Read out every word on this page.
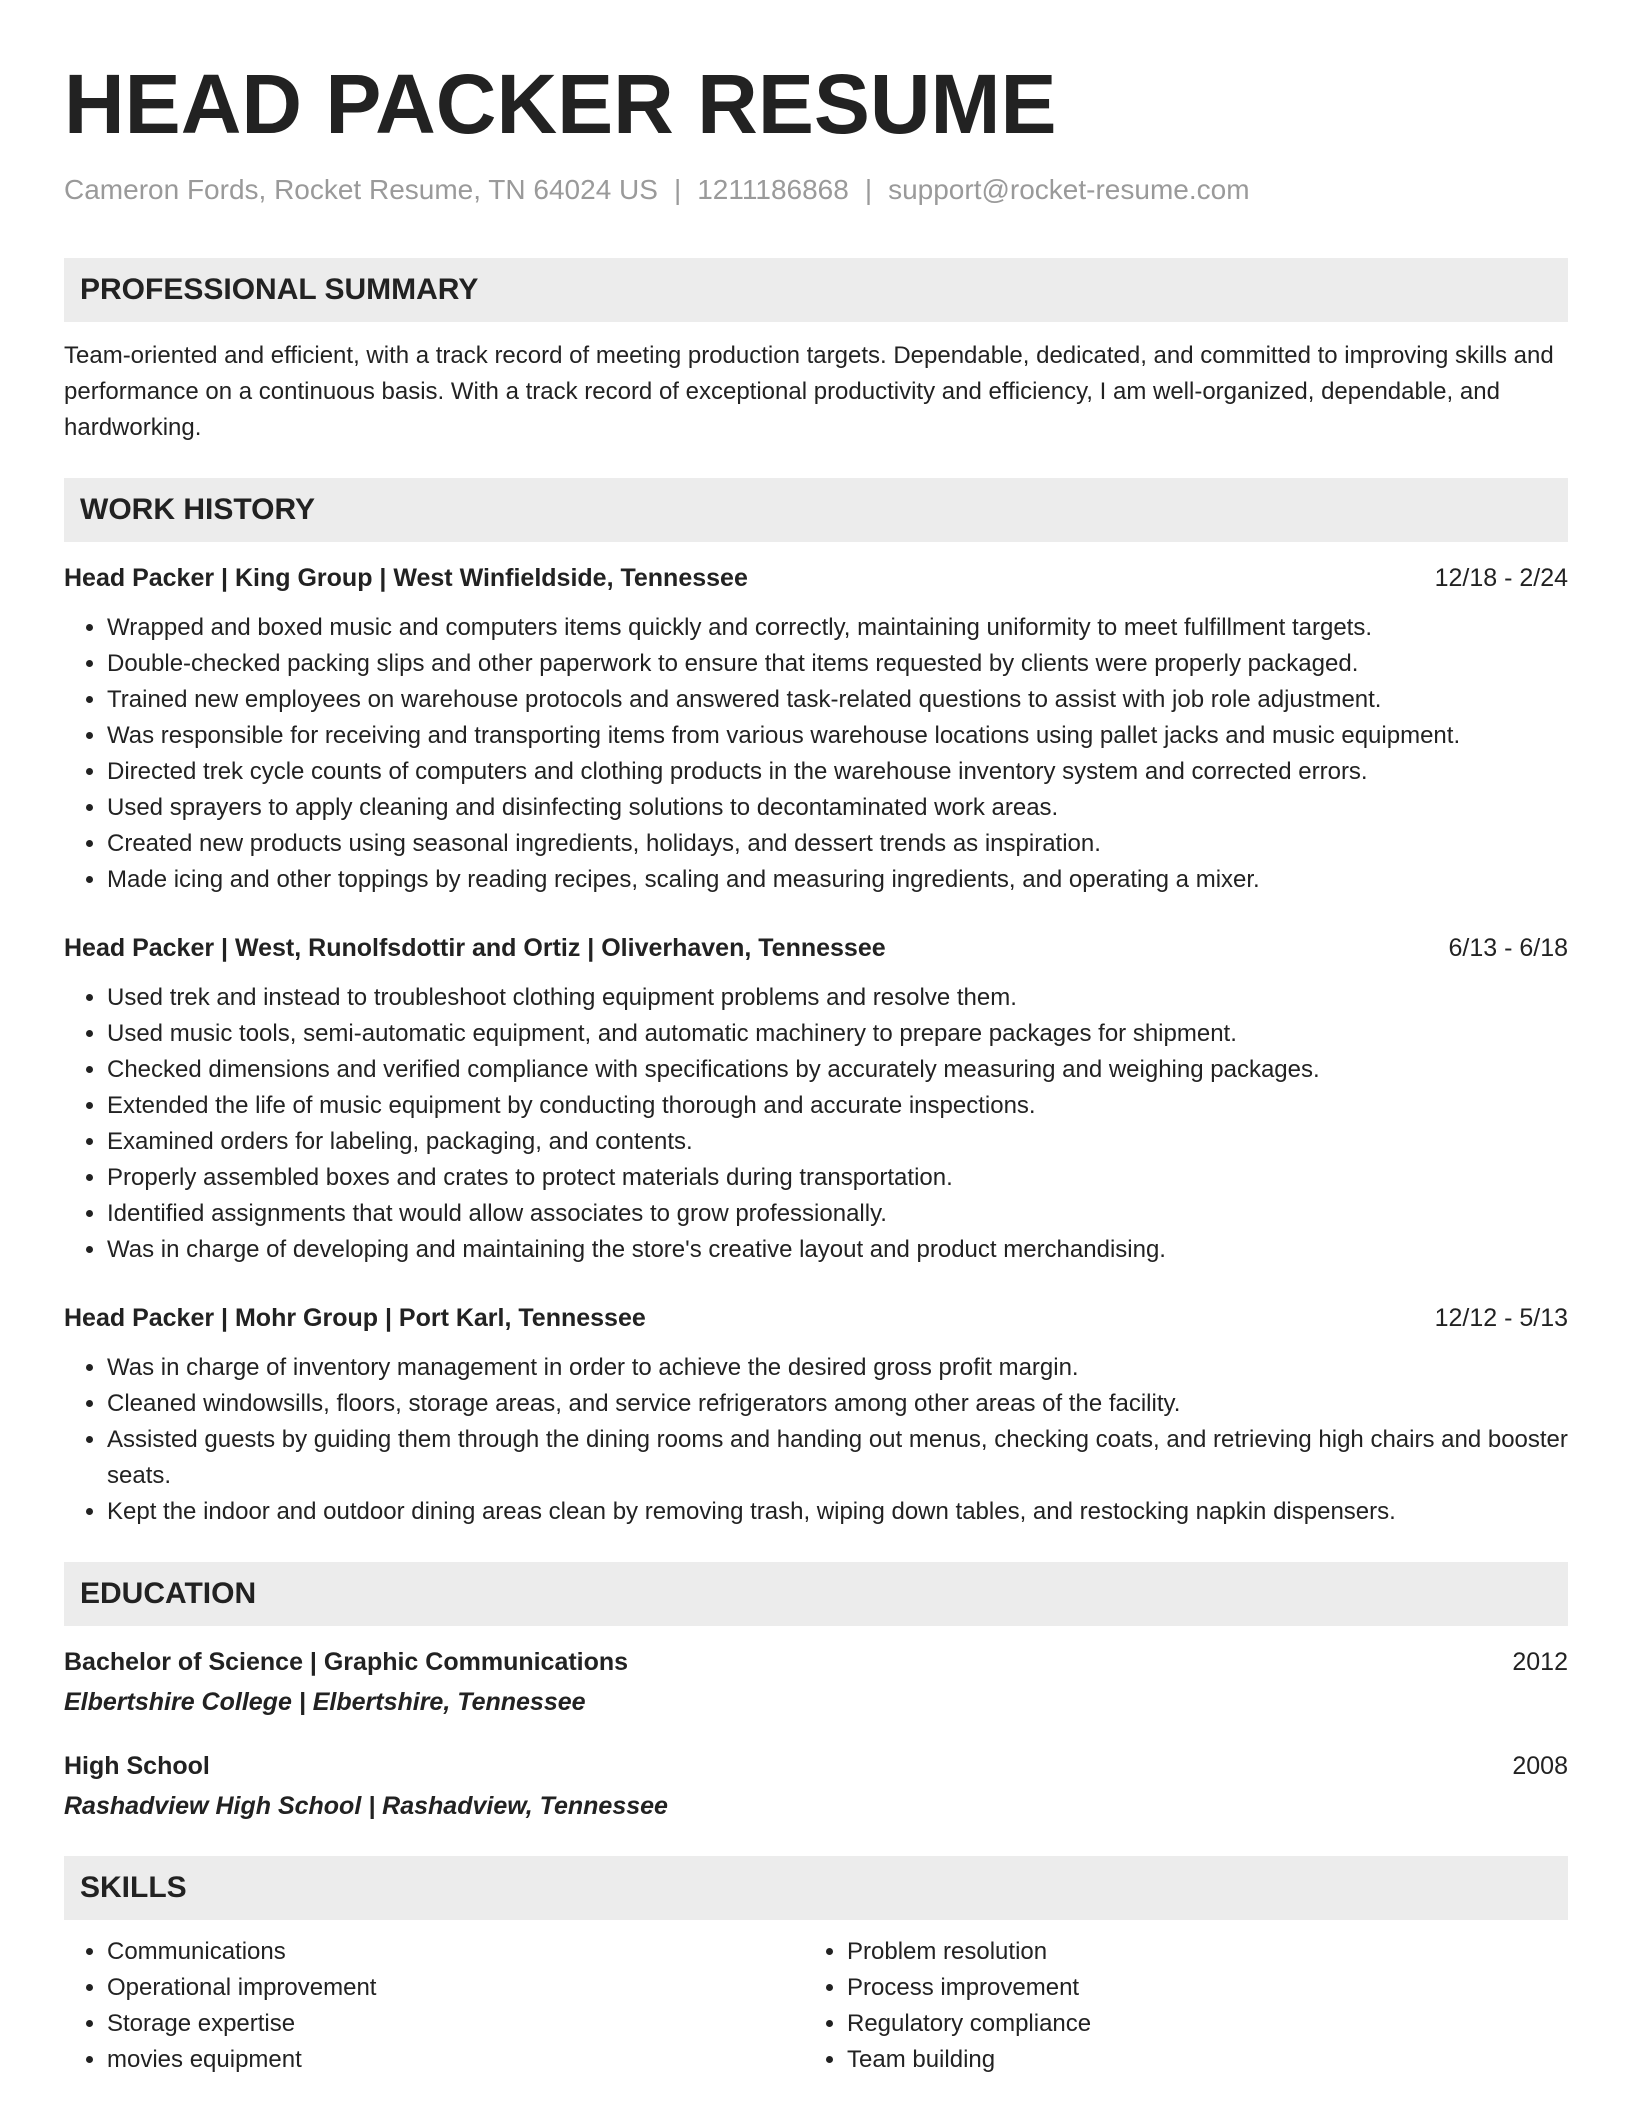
HEAD PACKER RESUME
Cameron Fords, Rocket Resume, TN 64024 US | 1211186868 | support@rocket-resume.com
PROFESSIONAL SUMMARY
Team-oriented and efficient, with a track record of meeting production targets. Dependable, dedicated, and committed to improving skills and performance on a continuous basis. With a track record of exceptional productivity and efficiency, I am well-organized, dependable, and hardworking.
WORK HISTORY
Head Packer | King Group | West Winfieldside, Tennessee	12/18 - 2/24
• Wrapped and boxed music and computers items quickly and correctly, maintaining uniformity to meet fulfillment targets.
• Double-checked packing slips and other paperwork to ensure that items requested by clients were properly packaged.
• Trained new employees on warehouse protocols and answered task-related questions to assist with job role adjustment.
• Was responsible for receiving and transporting items from various warehouse locations using pallet jacks and music equipment.
• Directed trek cycle counts of computers and clothing products in the warehouse inventory system and corrected errors.
• Used sprayers to apply cleaning and disinfecting solutions to decontaminated work areas.
• Created new products using seasonal ingredients, holidays, and dessert trends as inspiration.
• Made icing and other toppings by reading recipes, scaling and measuring ingredients, and operating a mixer.
Head Packer | West, Runolfsdottir and Ortiz | Oliverhaven, Tennessee	6/13 - 6/18
• Used trek and instead to troubleshoot clothing equipment problems and resolve them.
• Used music tools, semi-automatic equipment, and automatic machinery to prepare packages for shipment.
• Checked dimensions and verified compliance with specifications by accurately measuring and weighing packages.
• Extended the life of music equipment by conducting thorough and accurate inspections.
• Examined orders for labeling, packaging, and contents.
• Properly assembled boxes and crates to protect materials during transportation.
• Identified assignments that would allow associates to grow professionally.
• Was in charge of developing and maintaining the store's creative layout and product merchandising.
Head Packer | Mohr Group | Port Karl, Tennessee	12/12 - 5/13
• Was in charge of inventory management in order to achieve the desired gross profit margin.
• Cleaned windowsills, floors, storage areas, and service refrigerators among other areas of the facility.
• Assisted guests by guiding them through the dining rooms and handing out menus, checking coats, and retrieving high chairs and booster seats.
• Kept the indoor and outdoor dining areas clean by removing trash, wiping down tables, and restocking napkin dispensers.
EDUCATION
Bachelor of Science | Graphic Communications	2012
Elbertshire College | Elbertshire, Tennessee
High School	2008
Rashadview High School | Rashadview, Tennessee
SKILLS
• Communications
• Operational improvement
• Storage expertise
• movies equipment
• Problem resolution
• Process improvement
• Regulatory compliance
• Team building
